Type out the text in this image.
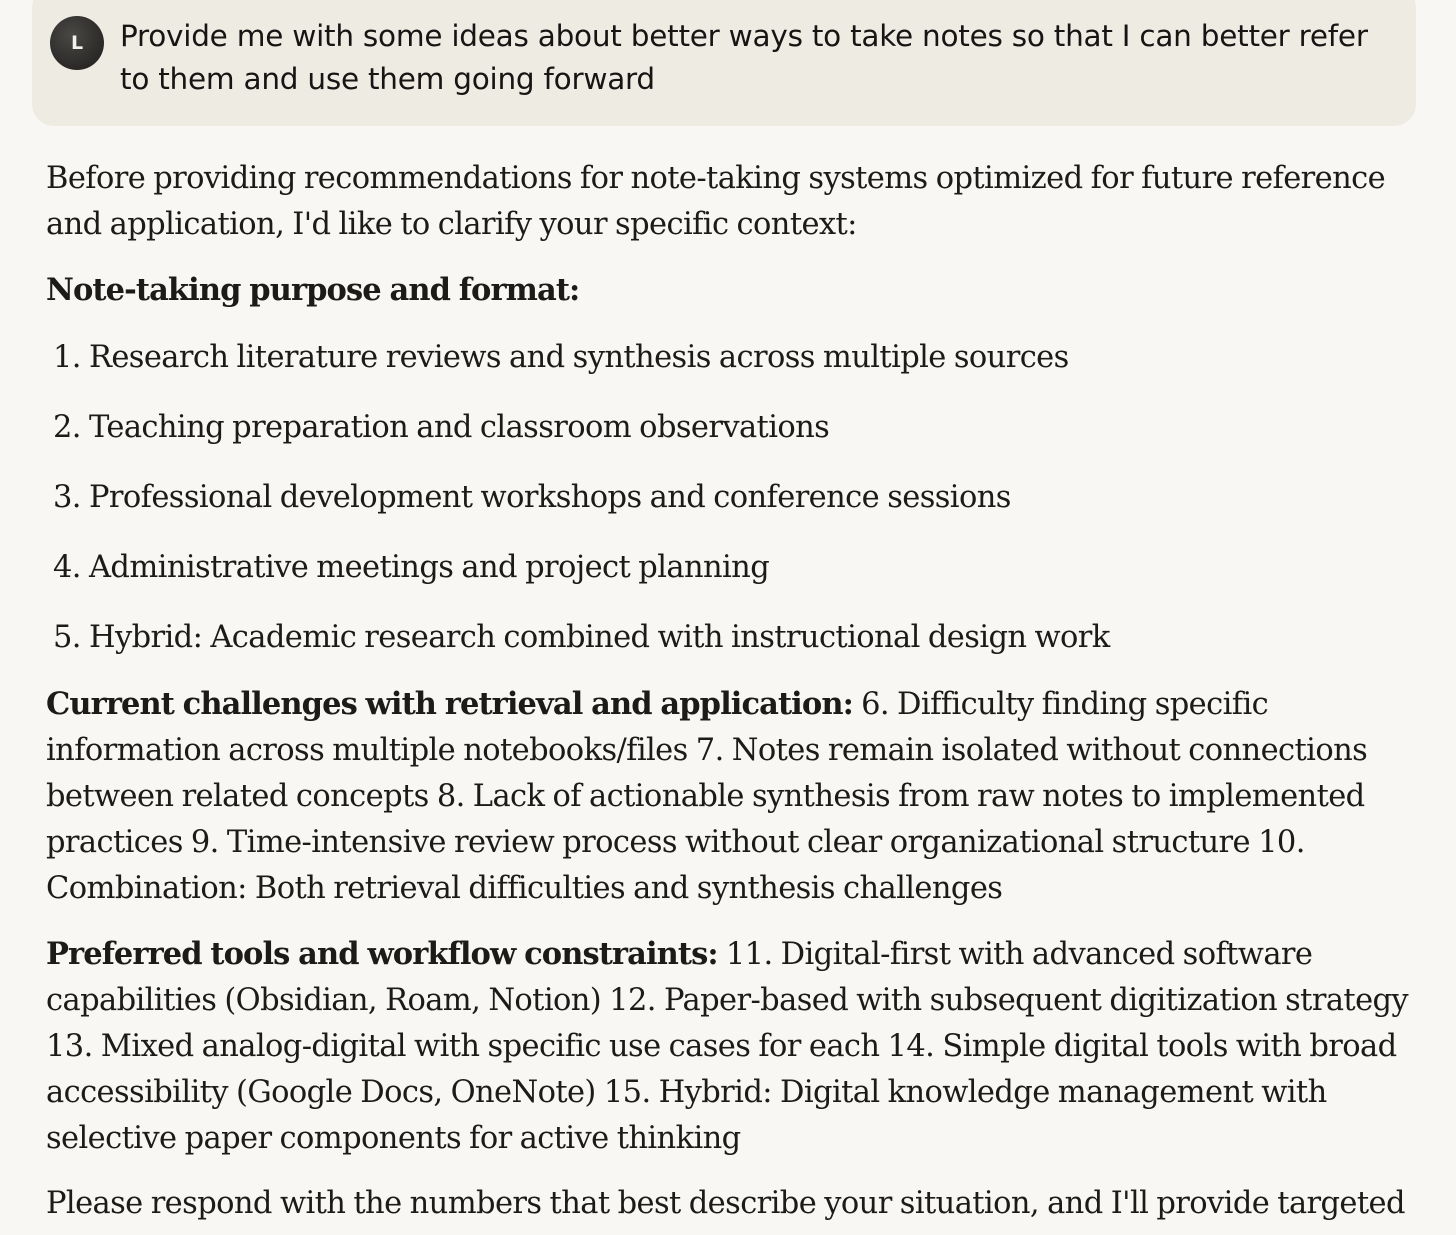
L	Provide me with some ideas about better ways to take notes so that I can better refer to them and use them going forward

Before providing recommendations for note-taking systems optimized for future reference and application, I'd like to clarify your specific context:

Note-taking purpose and format:

1. Research literature reviews and synthesis across multiple sources
2. Teaching preparation and classroom observations
3. Professional development workshops and conference sessions
4. Administrative meetings and project planning
5. Hybrid: Academic research combined with instructional design work

Current challenges with retrieval and application: 6. Difficulty finding specific information across multiple notebooks/files 7. Notes remain isolated without connections between related concepts 8. Lack of actionable synthesis from raw notes to implemented practices 9. Time-intensive review process without clear organizational structure 10. Combination: Both retrieval difficulties and synthesis challenges

Preferred tools and workflow constraints: 11. Digital-first with advanced software capabilities (Obsidian, Roam, Notion) 12. Paper-based with subsequent digitization strategy 13. Mixed analog-digital with specific use cases for each 14. Simple digital tools with broad accessibility (Google Docs, OneNote) 15. Hybrid: Digital knowledge management with selective paper components for active thinking

Please respond with the numbers that best describe your situation, and I'll provide targeted
